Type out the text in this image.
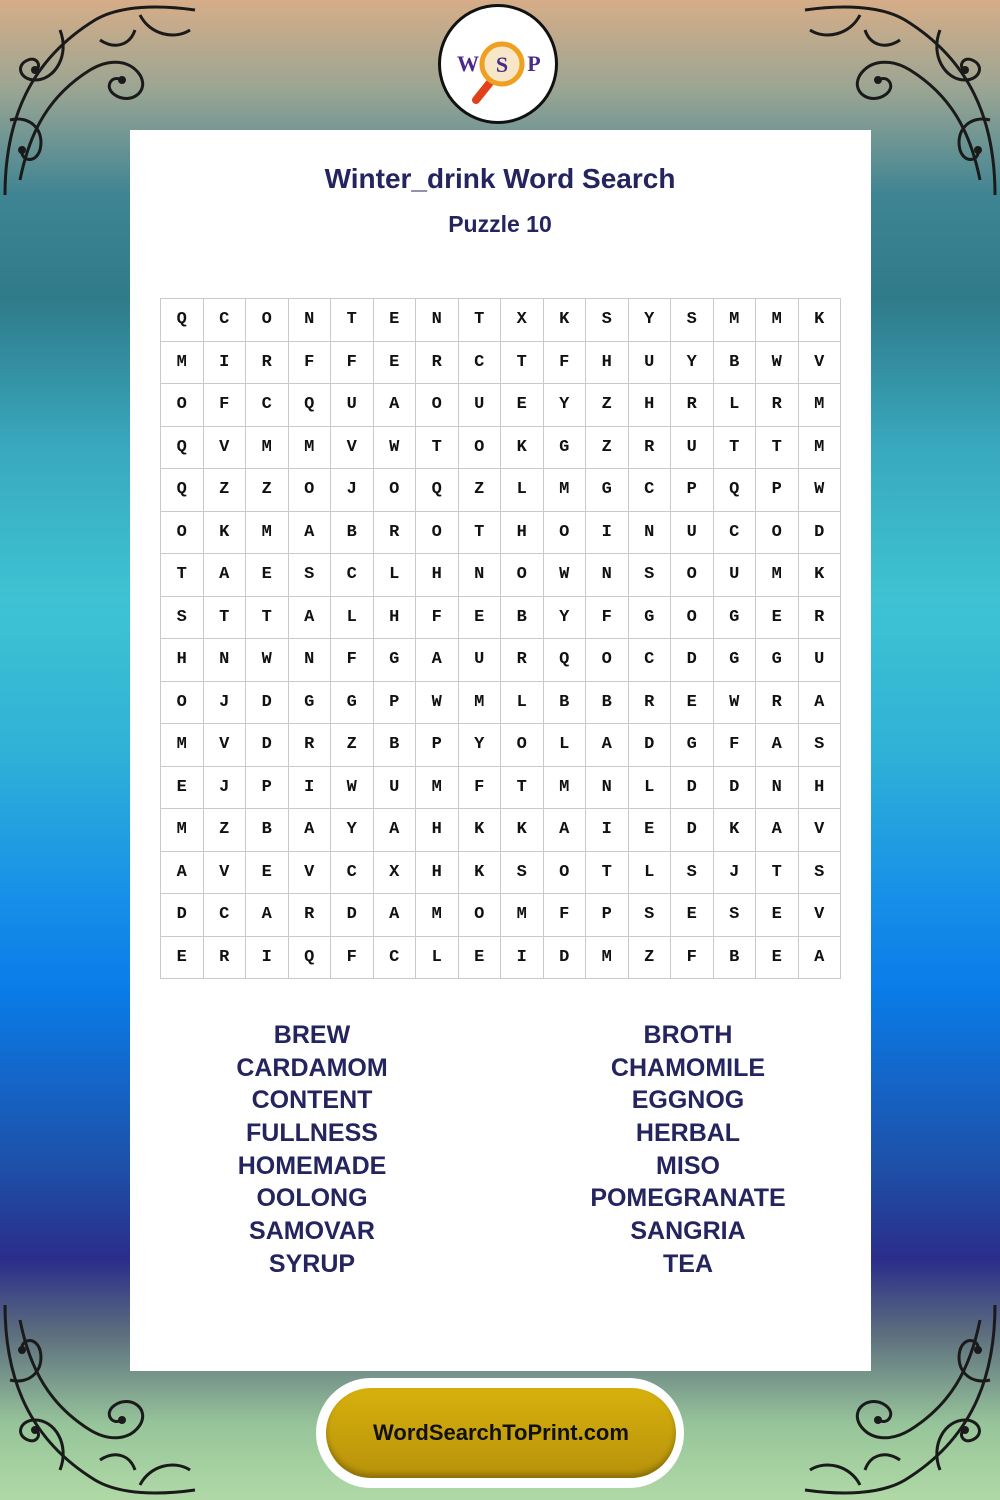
W S P
Winter_drink Word Search
Puzzle 10
Q	C	O	N	T	E	N	T	X	K	S	Y	S	M	M	K
M	I	R	F	F	E	R	C	T	F	H	U	Y	B	W	V
O	F	C	Q	U	A	O	U	E	Y	Z	H	R	L	R	M
Q	V	M	M	V	W	T	O	K	G	Z	R	U	T	T	M
Q	Z	Z	O	J	O	Q	Z	L	M	G	C	P	Q	P	W
O	K	M	A	B	R	O	T	H	O	I	N	U	C	O	D
T	A	E	S	C	L	H	N	O	W	N	S	O	U	M	K
S	T	T	A	L	H	F	E	B	Y	F	G	O	G	E	R
H	N	W	N	F	G	A	U	R	Q	O	C	D	G	G	U
O	J	D	G	G	P	W	M	L	B	B	R	E	W	R	A
M	V	D	R	Z	B	P	Y	O	L	A	D	G	F	A	S
E	J	P	I	W	U	M	F	T	M	N	L	D	D	N	H
M	Z	B	A	Y	A	H	K	K	A	I	E	D	K	A	V
A	V	E	V	C	X	H	K	S	O	T	L	S	J	T	S
D	C	A	R	D	A	M	O	M	F	P	S	E	S	E	V
E	R	I	Q	F	C	L	E	I	D	M	Z	F	B	E	A
BREW
CARDAMOM
CONTENT
FULLNESS
HOMEMADE
OOLONG
SAMOVAR
SYRUP
BROTH
CHAMOMILE
EGGNOG
HERBAL
MISO
POMEGRANATE
SANGRIA
TEA
WordSearchToPrint.com
